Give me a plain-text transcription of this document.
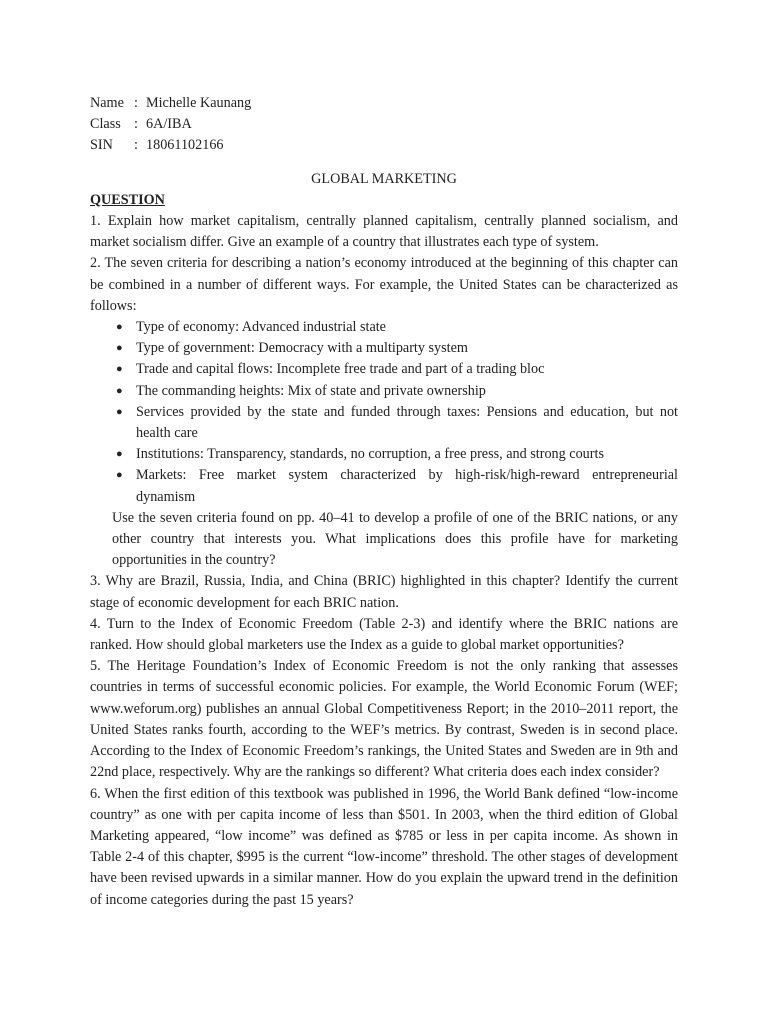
Name : Michelle Kaunang
Class : 6A/IBA
SIN	: 18061102166
GLOBAL MARKETING
QUESTION

1. Explain how market capitalism, centrally planned capitalism, centrally planned socialism, and market socialism differ. Give an example of a country that illustrates each type of system.

2. The seven criteria for describing a nation’s economy introduced at the beginning of this chapter can be combined in a number of different ways. For example, the United States can be characterized as follows:

● Type of economy: Advanced industrial state
● Type of government: Democracy with a multiparty system
● Trade and capital flows: Incomplete free trade and part of a trading bloc
● The commanding heights: Mix of state and private ownership
● Services provided by the state and funded through taxes: Pensions and education, but not health care
● Institutions: Transparency, standards, no corruption, a free press, and strong courts
● Markets: Free market system characterized by high-risk/high-reward entrepreneurial dynamism

Use the seven criteria found on pp. 40–41 to develop a profile of one of the BRIC nations, or any other country that interests you. What implications does this profile have for marketing opportunities in the country?

3. Why are Brazil, Russia, India, and China (BRIC) highlighted in this chapter? Identify the current stage of economic development for each BRIC nation.

4. Turn to the Index of Economic Freedom (Table 2-3) and identify where the BRIC nations are ranked. How should global marketers use the Index as a guide to global market opportunities?

5. The Heritage Foundation’s Index of Economic Freedom is not the only ranking that assesses countries in terms of successful economic policies. For example, the World Economic Forum (WEF; www.weforum.org) publishes an annual Global Competitiveness Report; in the 2010–2011 report, the United States ranks fourth, according to the WEF’s metrics. By contrast, Sweden is in second place. According to the Index of Economic Freedom’s rankings, the United States and Sweden are in 9th and 22nd place, respectively. Why are the rankings so different? What criteria does each index consider?

6. When the first edition of this textbook was published in 1996, the World Bank defined “low-income country” as one with per capita income of less than $501. In 2003, when the third edition of Global Marketing appeared, “low income” was defined as $785 or less in per capita income. As shown in Table 2-4 of this chapter, $995 is the current “low-income” threshold. The other stages of development have been revised upwards in a similar manner. How do you explain the upward trend in the definition of income categories during the past 15 years?
